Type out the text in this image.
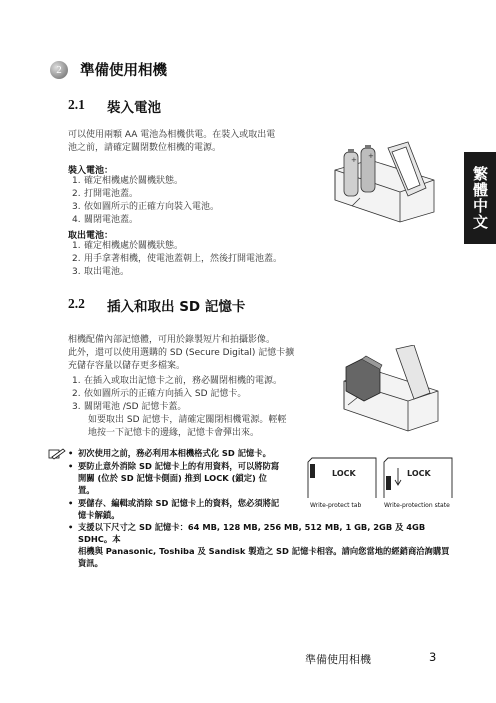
2	準備使用相機
2.1 裝入電池
可以使用兩顆 AA 電池為相機供電。在裝入或取出電
池之前，請確定關閉數位相機的電源。
裝入電池：
1. 確定相機處於關機狀態。
2. 打開電池蓋。
3. 依如圖所示的正確方向裝入電池。
4. 關閉電池蓋。
取出電池：
1. 確定相機處於關機狀態。
2. 用手拿著相機，使電池蓋朝上，然後打開電池蓋。
3. 取出電池。
+ +
繁體中文
2.2 插入和取出 SD 記憶卡
相機配備內部記憶體，可用於錄製短片和拍攝影像。
此外，還可以使用選購的 SD (Secure Digital) 記憶卡擴
充儲存容量以儲存更多檔案。
1. 在插入或取出記憶卡之前，務必關閉相機的電源。
2. 依如圖所示的正確方向插入 SD 記憶卡。
3. 關閉電池 /SD 記憶卡蓋。
如要取出 SD 記憶卡，請確定關閉相機電源。輕輕
地按一下記憶卡的邊緣，記憶卡會彈出來。
• 初次使用之前，務必利用本相機格式化 SD 記憶卡。
• 要防止意外消除 SD 記憶卡上的有用資料，可以將防寫
開關 (位於 SD 記憶卡側面) 推到 LOCK (鎖定) 位
置。
• 要儲存、編輯或消除 SD 記憶卡上的資料，您必須將記
憶卡解鎖。
• 支援以下尺寸之 SD 記憶卡：64 MB, 128 MB, 256 MB, 512 MB, 1 GB, 2GB 及 4GB SDHC。本
相機與 Panasonic, Toshiba 及 Sandisk 製造之 SD 記憶卡相容。請向您當地的經銷商洽詢購買
資訊。
LOCK	LOCK
Write-protect tab	Write-protection state
準備使用相機	3
